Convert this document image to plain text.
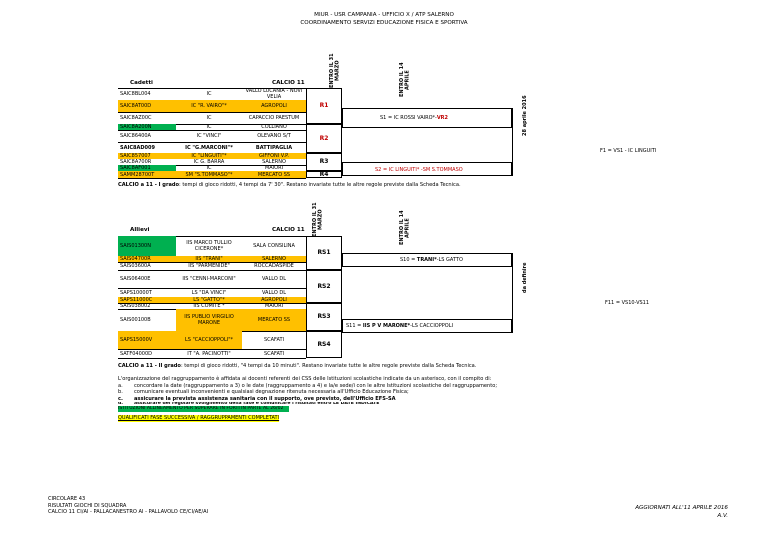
MIUR - USR CAMPANIA - UFFICIO X / ATP SALERNO
COORDINAMENTO SERVIZI EDUCAZIONE FISICA E SPORTIVA
Cadetti	CALCIO 11	ENTRO IL 31 MARZO	ENTRO IL 14 APRILE
28 aprile 2016
SAIC8BL004	IC	VALLO LUCANIA - NOVI VELIA
SAIC8AT00D	IC "R. VAIRO"*	AGROPOLI
SAIC8AZ00C	IC	CAPACCIO PAESTUM
SAIC8A200N	IC	COLLIANO
SAIC86400A	IC "VINCI"	OLEVANO S/T
SAIC8AD009	IC "G.MARCONI"*	BATTIPAGLIA
SAIC857007	IC "LINGUITI"*	GIFFONI V.P.
SAIC8A700R	IC G. BARRA	SALERNO
SAIC8AF001	IC	MAIORI
SAMM28700T	SM "S.TOMMASO"*	MERCATO SS
R1
R2
R3
R4
S1 = IC ROSSI VAIRO*-VR2
S2 = IC LINGUITI* -SM S.TOMMASO
F1 = VS1 - IC LINGUITI
CALCIO a 11 - I grado: tempi di gioco ridotti, 4 tempi da 7' 30". Restano invariate tutte le altre regole previste dalla Scheda Tecnica.
Allievi	CALCIO 11 ENTRO IL 31 MARZO	ENTRO IL 14 APRILE
da definire
SAIS01300N	IIS MARCO TULLIO CICERONE*	SALA CONSILINA
SAIS04700R	IIS "TRANI"	SALERNO
SAIS03600A	IIS "PARMENIDE"	ROCCADASPIDE
SAIS06400E	IIS "CENNI-MARCONI"	VALLO DL
SAPS10000T	LS "DA VINCI"	VALLO DL
SAPS11000C	LS "GATTO"*	AGROPOLI
SAIS038002	IIS COMITE *	MAIORI
SAIS00100B	IIS PUBLIO VIRGILIO MARONE	MERCATO SS
SAPS15000V	LS "CACCIOPPOLI"*	SCAFATI
SATF04000D	IT "A. PACINOTTI"	SCAFATI
RS1
RS2
RS3
RS4
S10 = TRANI*-LS GATTO
S11 = IIS P V MARONE*-LS CACCIOPPOLI
F11 = VS10-VS11
CALCIO a 11 - II grado: tempi di gioco ridotti, "4 tempi da 10 minuti". Restano invariate tutte le altre regole previste dalla Scheda Tecnica.
L'organizzazione del raggruppamento è affidata ai docenti referenti dei CSS delle Istituzioni scolastiche indicate da un asterisco, con il compito di:
a. concordare la date (raggruppamento a 3) o le date (raggruppamento a 4) e la/e sede/i con le altre Istituzioni scolastiche del raggruppamento;
b. comunicare eventuali inconvenienti e qualsiasi degnazione ritenuta necessaria all'Ufficio Educazione Fisica;
c. assicurare la prevista assistenza sanitaria con il supporto, ove previsto, dell'Ufficio EFS-SA
d. assicurare del regolare svolgimento della fase e comunicare i risultati entro LE DATE INDICATE
ISTITUZIONI ALLINEAMENTO PER SUPERARE IN FORTI IN PARTE AL 26/02
QUALIFICATI FASE SUCCESSIVA / RAGGRUPPAMENTI COMPLETATI
CIRCOLARE 43
RISULTATI GIOCHI DI SQUADRA
CALCIO 11 CI/AI - PALLACANESTRO AI - PALLAVOLO CE/CI/AE/AI
AGGIORNATI ALL'11 APRILE 2016
A.V.
